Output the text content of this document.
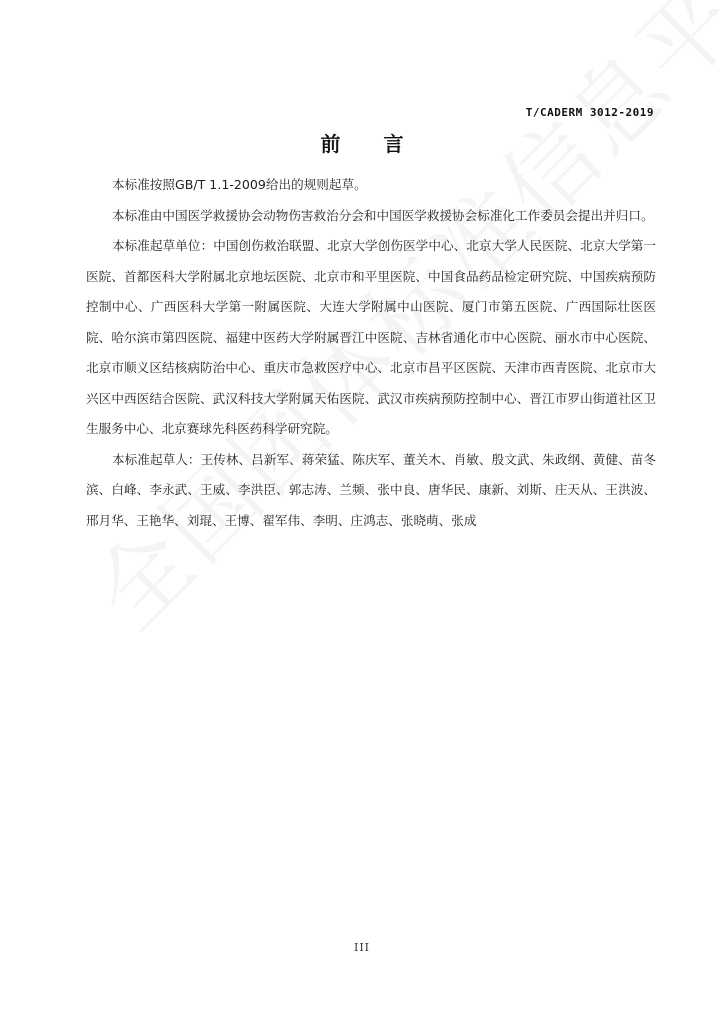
T/CADERM 3012-2019
前 言

本标准按照GB/T 1.1-2009给出的规则起草。

本标准由中国医学救援协会动物伤害救治分会和中国医学救援协会标准化工作委员会提出并归口。

本标准起草单位：中国创伤救治联盟、北京大学创伤医学中心、北京大学人民医院、北京大学第一医院、首都医科大学附属北京地坛医院、北京市和平里医院、中国食品药品检定研究院、中国疾病预防控制中心、广西医科大学第一附属医院、大连大学附属中山医院、厦门市第五医院、广西国际壮医医院、哈尔滨市第四医院、福建中医药大学附属晋江中医院、吉林省通化市中心医院、丽水市中心医院、北京市顺义区结核病防治中心、重庆市急救医疗中心、北京市昌平区医院、天津市西青医院、北京市大兴区中西医结合医院、武汉科技大学附属天佑医院、武汉市疾病预防控制中心、晋江市罗山街道社区卫生服务中心、北京赛球先科医药科学研究院。

本标准起草人：王传林、吕新军、蒋荣猛、陈庆军、董关木、肖敏、殷文武、朱政纲、黄健、苗冬滨、白峰、李永武、王威、李洪臣、郭志涛、兰频、张中良、唐华民、康新、刘斯、庄天从、王洪波、邢月华、王艳华、刘琨、王博、翟军伟、李明、庄鸿志、张晓萌、张成

III
